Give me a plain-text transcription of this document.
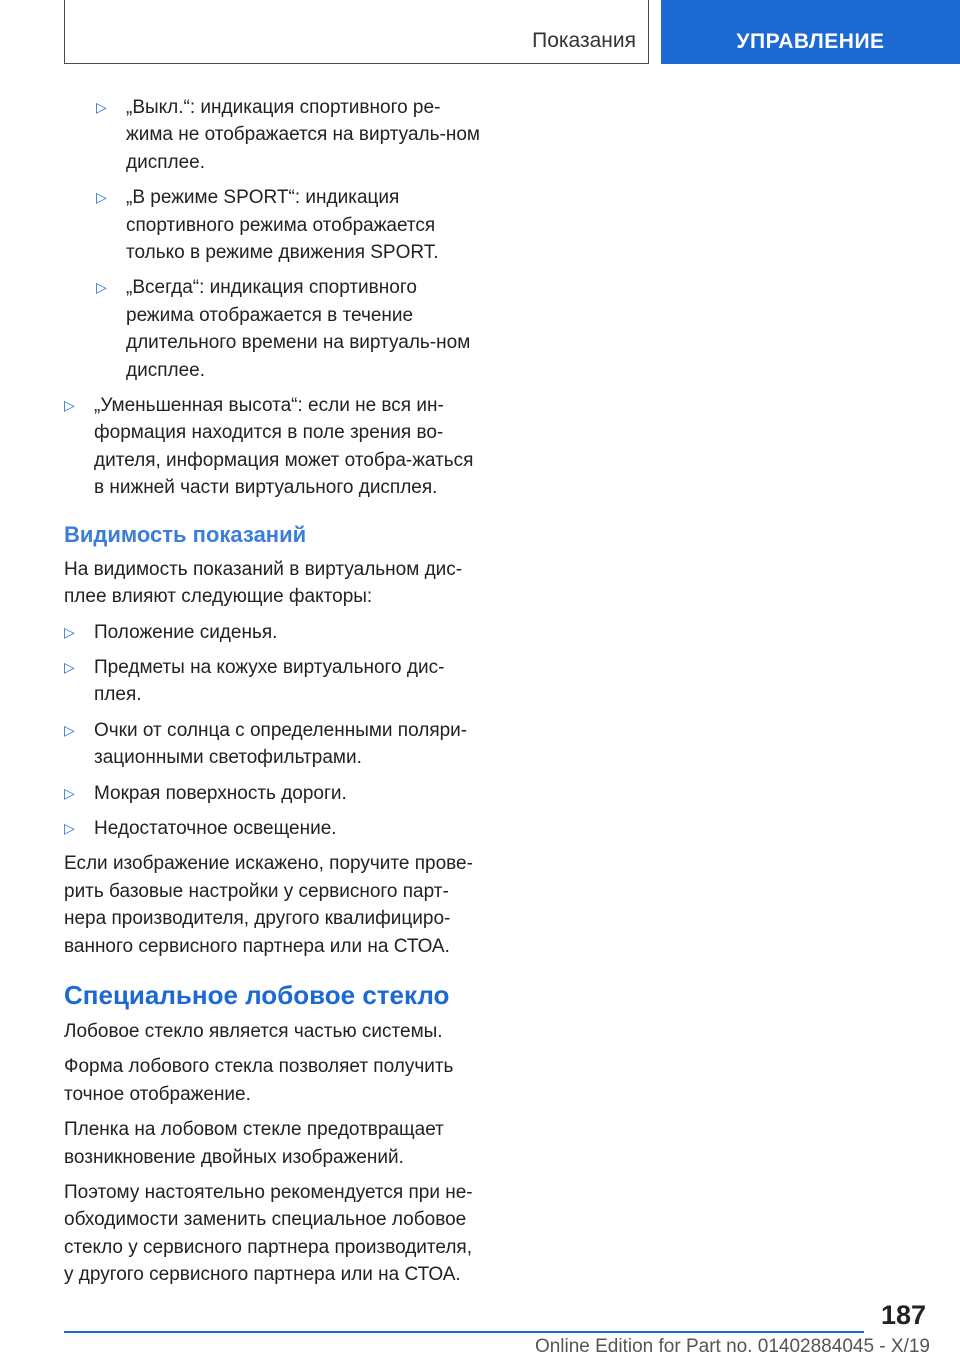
Показания	УПРАВЛЕНИЕ
▷ „Выкл.“: индикация спортивного ре-жима не отображается на виртуаль-ном дисплее.
▷ „В режиме SPORT“: индикация спортивного режима отображается только в режиме движения SPORT.
▷ „Всегда“: индикация спортивного режима отображается в течение длительного времени на виртуаль-ном дисплее.
▷ „Уменьшенная высота“: если не вся ин-формация находится в поле зрения во-дителя, информация может отобра-жаться в нижней части виртуального дисплея.
Видимость показаний

На видимость показаний в виртуальном дис-плее влияют следующие факторы:

▷ Положение сиденья.
▷ Предметы на кожухе виртуального дис-плея.
▷ Очки от солнца с определенными поляри-зационными светофильтрами.
▷ Мокрая поверхность дороги.
▷ Недостаточное освещение.

Если изображение искажено, поручите прове-рить базовые настройки у сервисного парт-нера производителя, другого квалифициро-ванного сервисного партнера или на СТОА.

Специальное лобовое стекло

Лобовое стекло является частью системы.

Форма лобового стекла позволяет получить точное отображение.

Пленка на лобовом стекле предотвращает возникновение двойных изображений.

Поэтому настоятельно рекомендуется при не-обходимости заменить специальное лобовое стекло у сервисного партнера производителя, у другого сервисного партнера или на СТОА.

187
Online Edition for Part no. 01402884045 - X/19
